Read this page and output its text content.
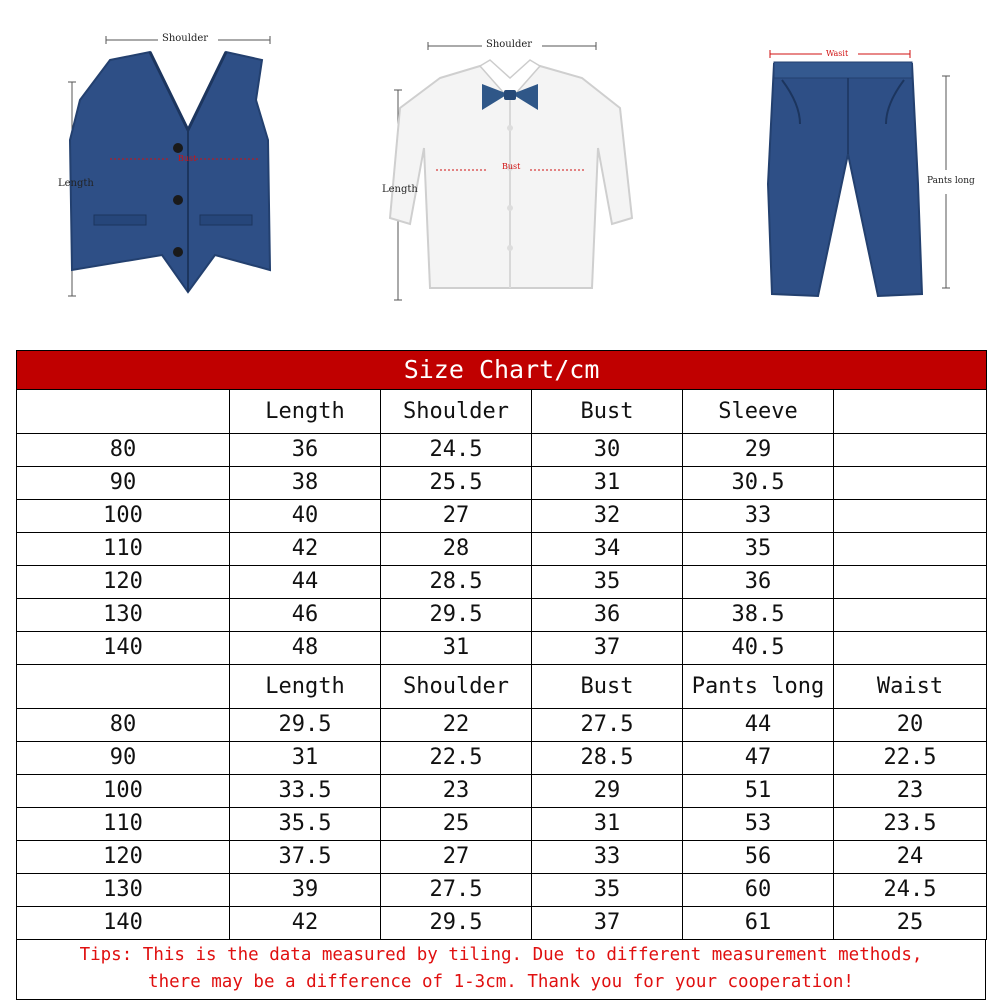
Shoulder
Length
Bust
Shoulder
Length
Bust
Wasit
Pants long
Size Chart/cm					
	Length	Shoulder	Bust	Sleeve	
80	36	24.5	30	29	
90	38	25.5	31	30.5	
100	40	27	32	33	
110	42	28	34	35	
120	44	28.5	35	36	
130	46	29.5	36	38.5	
140	48	31	37	40.5	
	Length	Shoulder	Bust	Pants long	Waist
80	29.5	22	27.5	44	20
90	31	22.5	28.5	47	22.5
100	33.5	23	29	51	23
110	35.5	25	31	53	23.5
120	37.5	27	33	56	24
130	39	27.5	35	60	24.5
140	42	29.5	37	61	25
Tips: This is the data measured by tiling. Due to different measurement methods,
there may be a difference of 1-3cm. Thank you for your cooperation!
